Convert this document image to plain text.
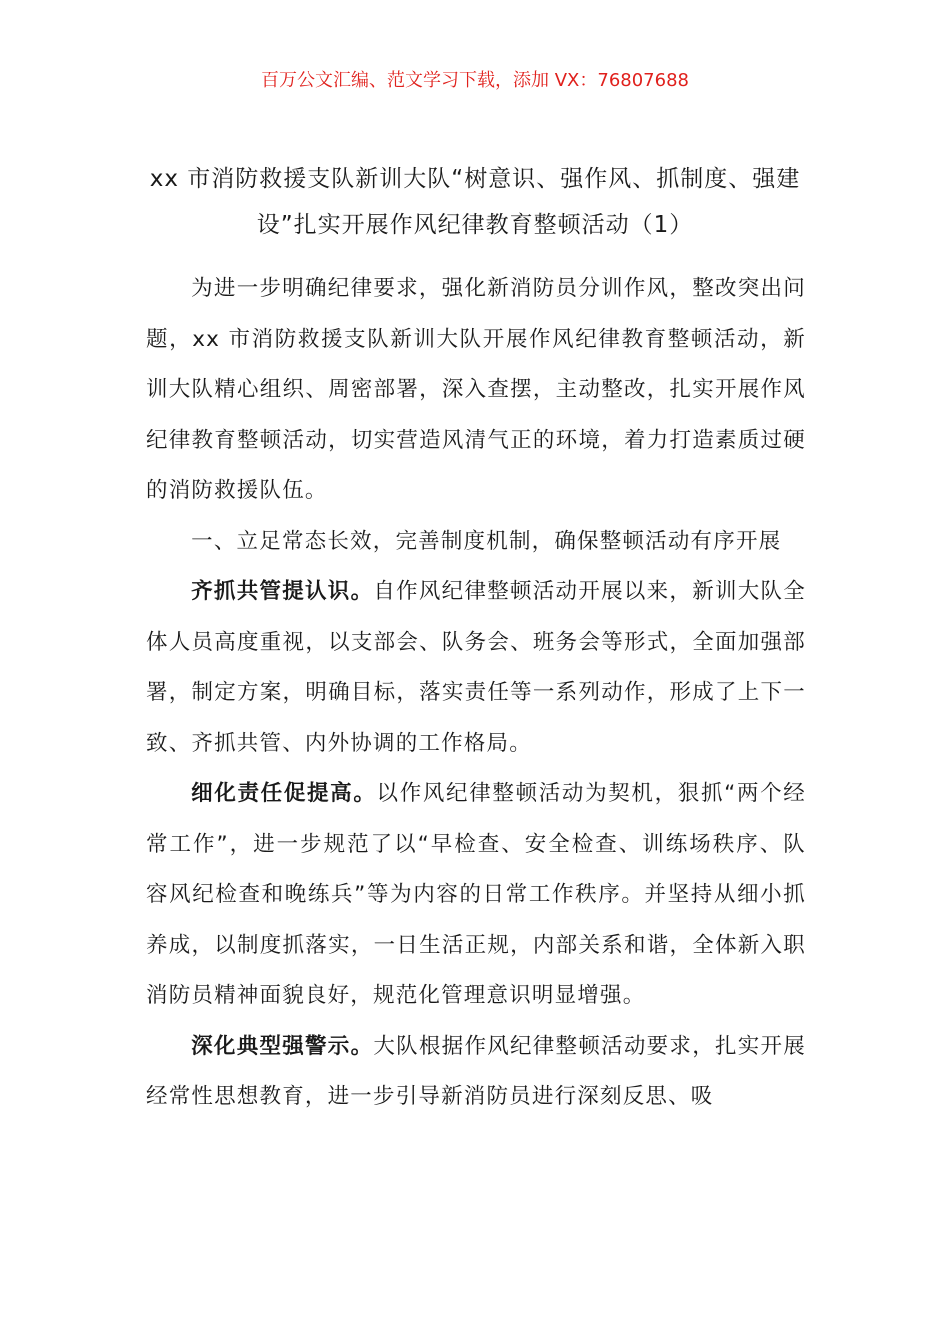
百万公文汇编、范文学习下载，添加 VX：76807688
xx 市消防救援支队新训大队“树意识、强作风、抓制度、强建设”扎实开展作风纪律教育整顿活动（1）

为进一步明确纪律要求，强化新消防员分训作风，整改突出问题，xx 市消防救援支队新训大队开展作风纪律教育整顿活动，新训大队精心组织、周密部署，深入查摆，主动整改，扎实开展作风纪律教育整顿活动，切实营造风清气正的环境，着力打造素质过硬的消防救援队伍。

一、立足常态长效，完善制度机制，确保整顿活动有序开展

齐抓共管提认识。自作风纪律整顿活动开展以来，新训大队全体人员高度重视，以支部会、队务会、班务会等形式，全面加强部署，制定方案，明确目标，落实责任等一系列动作，形成了上下一致、齐抓共管、内外协调的工作格局。

细化责任促提高。以作风纪律整顿活动为契机，狠抓“两个经常工作”，进一步规范了以“早检查、安全检查、训练场秩序、队容风纪检查和晚练兵”等为内容的日常工作秩序。并坚持从细小抓养成，以制度抓落实，一日生活正规，内部关系和谐，全体新入职消防员精神面貌良好，规范化管理意识明显增强。

深化典型强警示。大队根据作风纪律整顿活动要求，扎实开展经常性思想教育，进一步引导新消防员进行深刻反思、吸
